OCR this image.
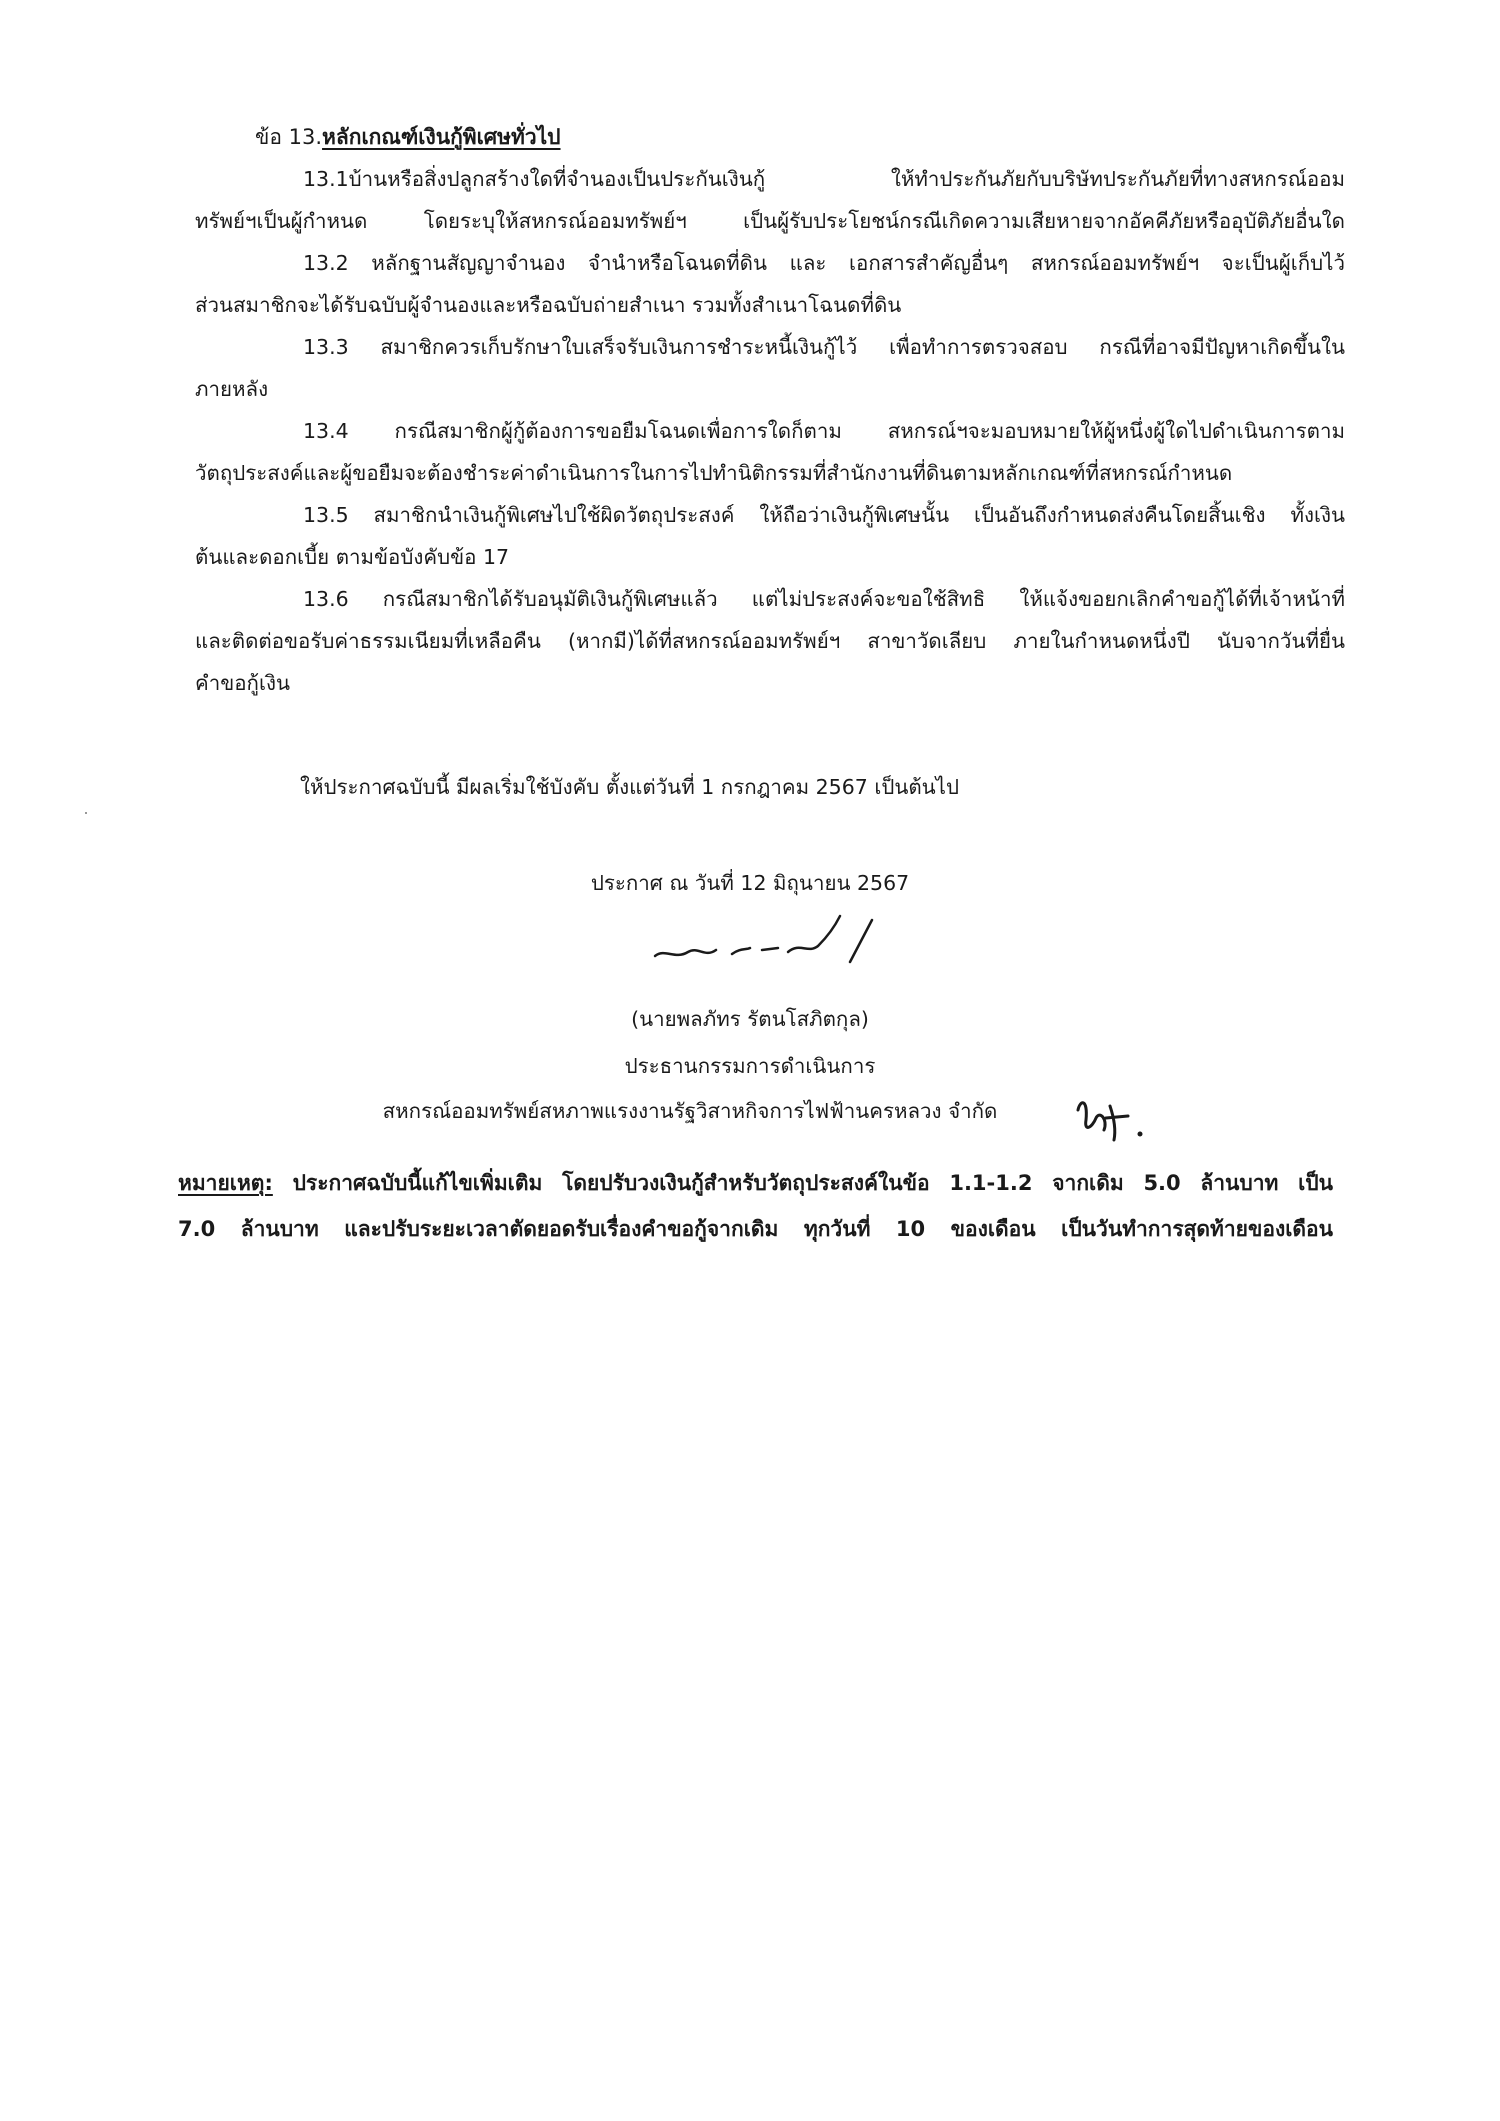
ข้อ 13.หลักเกณฑ์เงินกู้พิเศษทั่วไป
13.1บ้านหรือสิ่งปลูกสร้างใดที่จำนองเป็นประกันเงินกู้ ให้ทำประกันภัยกับบริษัทประกันภัยที่ทางสหกรณ์ออม
ทรัพย์ฯเป็นผู้กำหนด โดยระบุให้สหกรณ์ออมทรัพย์ฯ เป็นผู้รับประโยชน์กรณีเกิดความเสียหายจากอัคคีภัยหรืออุบัติภัยอื่นใด
13.2 หลักฐานสัญญาจำนอง จำนำหรือโฉนดที่ดิน และ เอกสารสำคัญอื่นๆ สหกรณ์ออมทรัพย์ฯ จะเป็นผู้เก็บไว้
ส่วนสมาชิกจะได้รับฉบับผู้จำนองและหรือฉบับถ่ายสำเนา รวมทั้งสำเนาโฉนดที่ดิน
13.3 สมาชิกควรเก็บรักษาใบเสร็จรับเงินการชำระหนี้เงินกู้ไว้ เพื่อทำการตรวจสอบ กรณีที่อาจมีปัญหาเกิดขึ้นใน
ภายหลัง
13.4 กรณีสมาชิกผู้กู้ต้องการขอยืมโฉนดเพื่อการใดก็ตาม สหกรณ์ฯจะมอบหมายให้ผู้หนึ่งผู้ใดไปดำเนินการตาม
วัตถุประสงค์และผู้ขอยืมจะต้องชำระค่าดำเนินการในการไปทำนิติกรรมที่สำนักงานที่ดินตามหลักเกณฑ์ที่สหกรณ์กำหนด
13.5 สมาชิกนำเงินกู้พิเศษไปใช้ผิดวัตถุประสงค์ ให้ถือว่าเงินกู้พิเศษนั้น เป็นอันถึงกำหนดส่งคืนโดยสิ้นเชิง ทั้งเงิน
ต้นและดอกเบี้ย ตามข้อบังคับข้อ 17
13.6 กรณีสมาชิกได้รับอนุมัติเงินกู้พิเศษแล้ว แต่ไม่ประสงค์จะขอใช้สิทธิ ให้แจ้งขอยกเลิกคำขอกู้ได้ที่เจ้าหน้าที่
และติดต่อขอรับค่าธรรมเนียมที่เหลือคืน (หากมี)ได้ที่สหกรณ์ออมทรัพย์ฯ สาขาวัดเลียบ ภายในกำหนดหนึ่งปี นับจากวันที่ยื่น
คำขอกู้เงิน
ให้ประกาศฉบับนี้ มีผลเริ่มใช้บังคับ ตั้งแต่วันที่ 1 กรกฎาคม 2567 เป็นต้นไป
ประกาศ ณ วันที่ 12 มิถุนายน 2567
(นายพลภัทร รัตนโสภิตกุล)
ประธานกรรมการดำเนินการ
สหกรณ์ออมทรัพย์สหภาพแรงงานรัฐวิสาหกิจการไฟฟ้านครหลวง จำกัด
หมายเหตุ: ประกาศฉบับนี้แก้ไขเพิ่มเติม โดยปรับวงเงินกู้สำหรับวัตถุประสงค์ในข้อ 1.1-1.2 จากเดิม 5.0 ล้านบาท เป็น
7.0 ล้านบาท และปรับระยะเวลาตัดยอดรับเรื่องคำขอกู้จากเดิม ทุกวันที่ 10 ของเดือน เป็นวันทำการสุดท้ายของเดือน
